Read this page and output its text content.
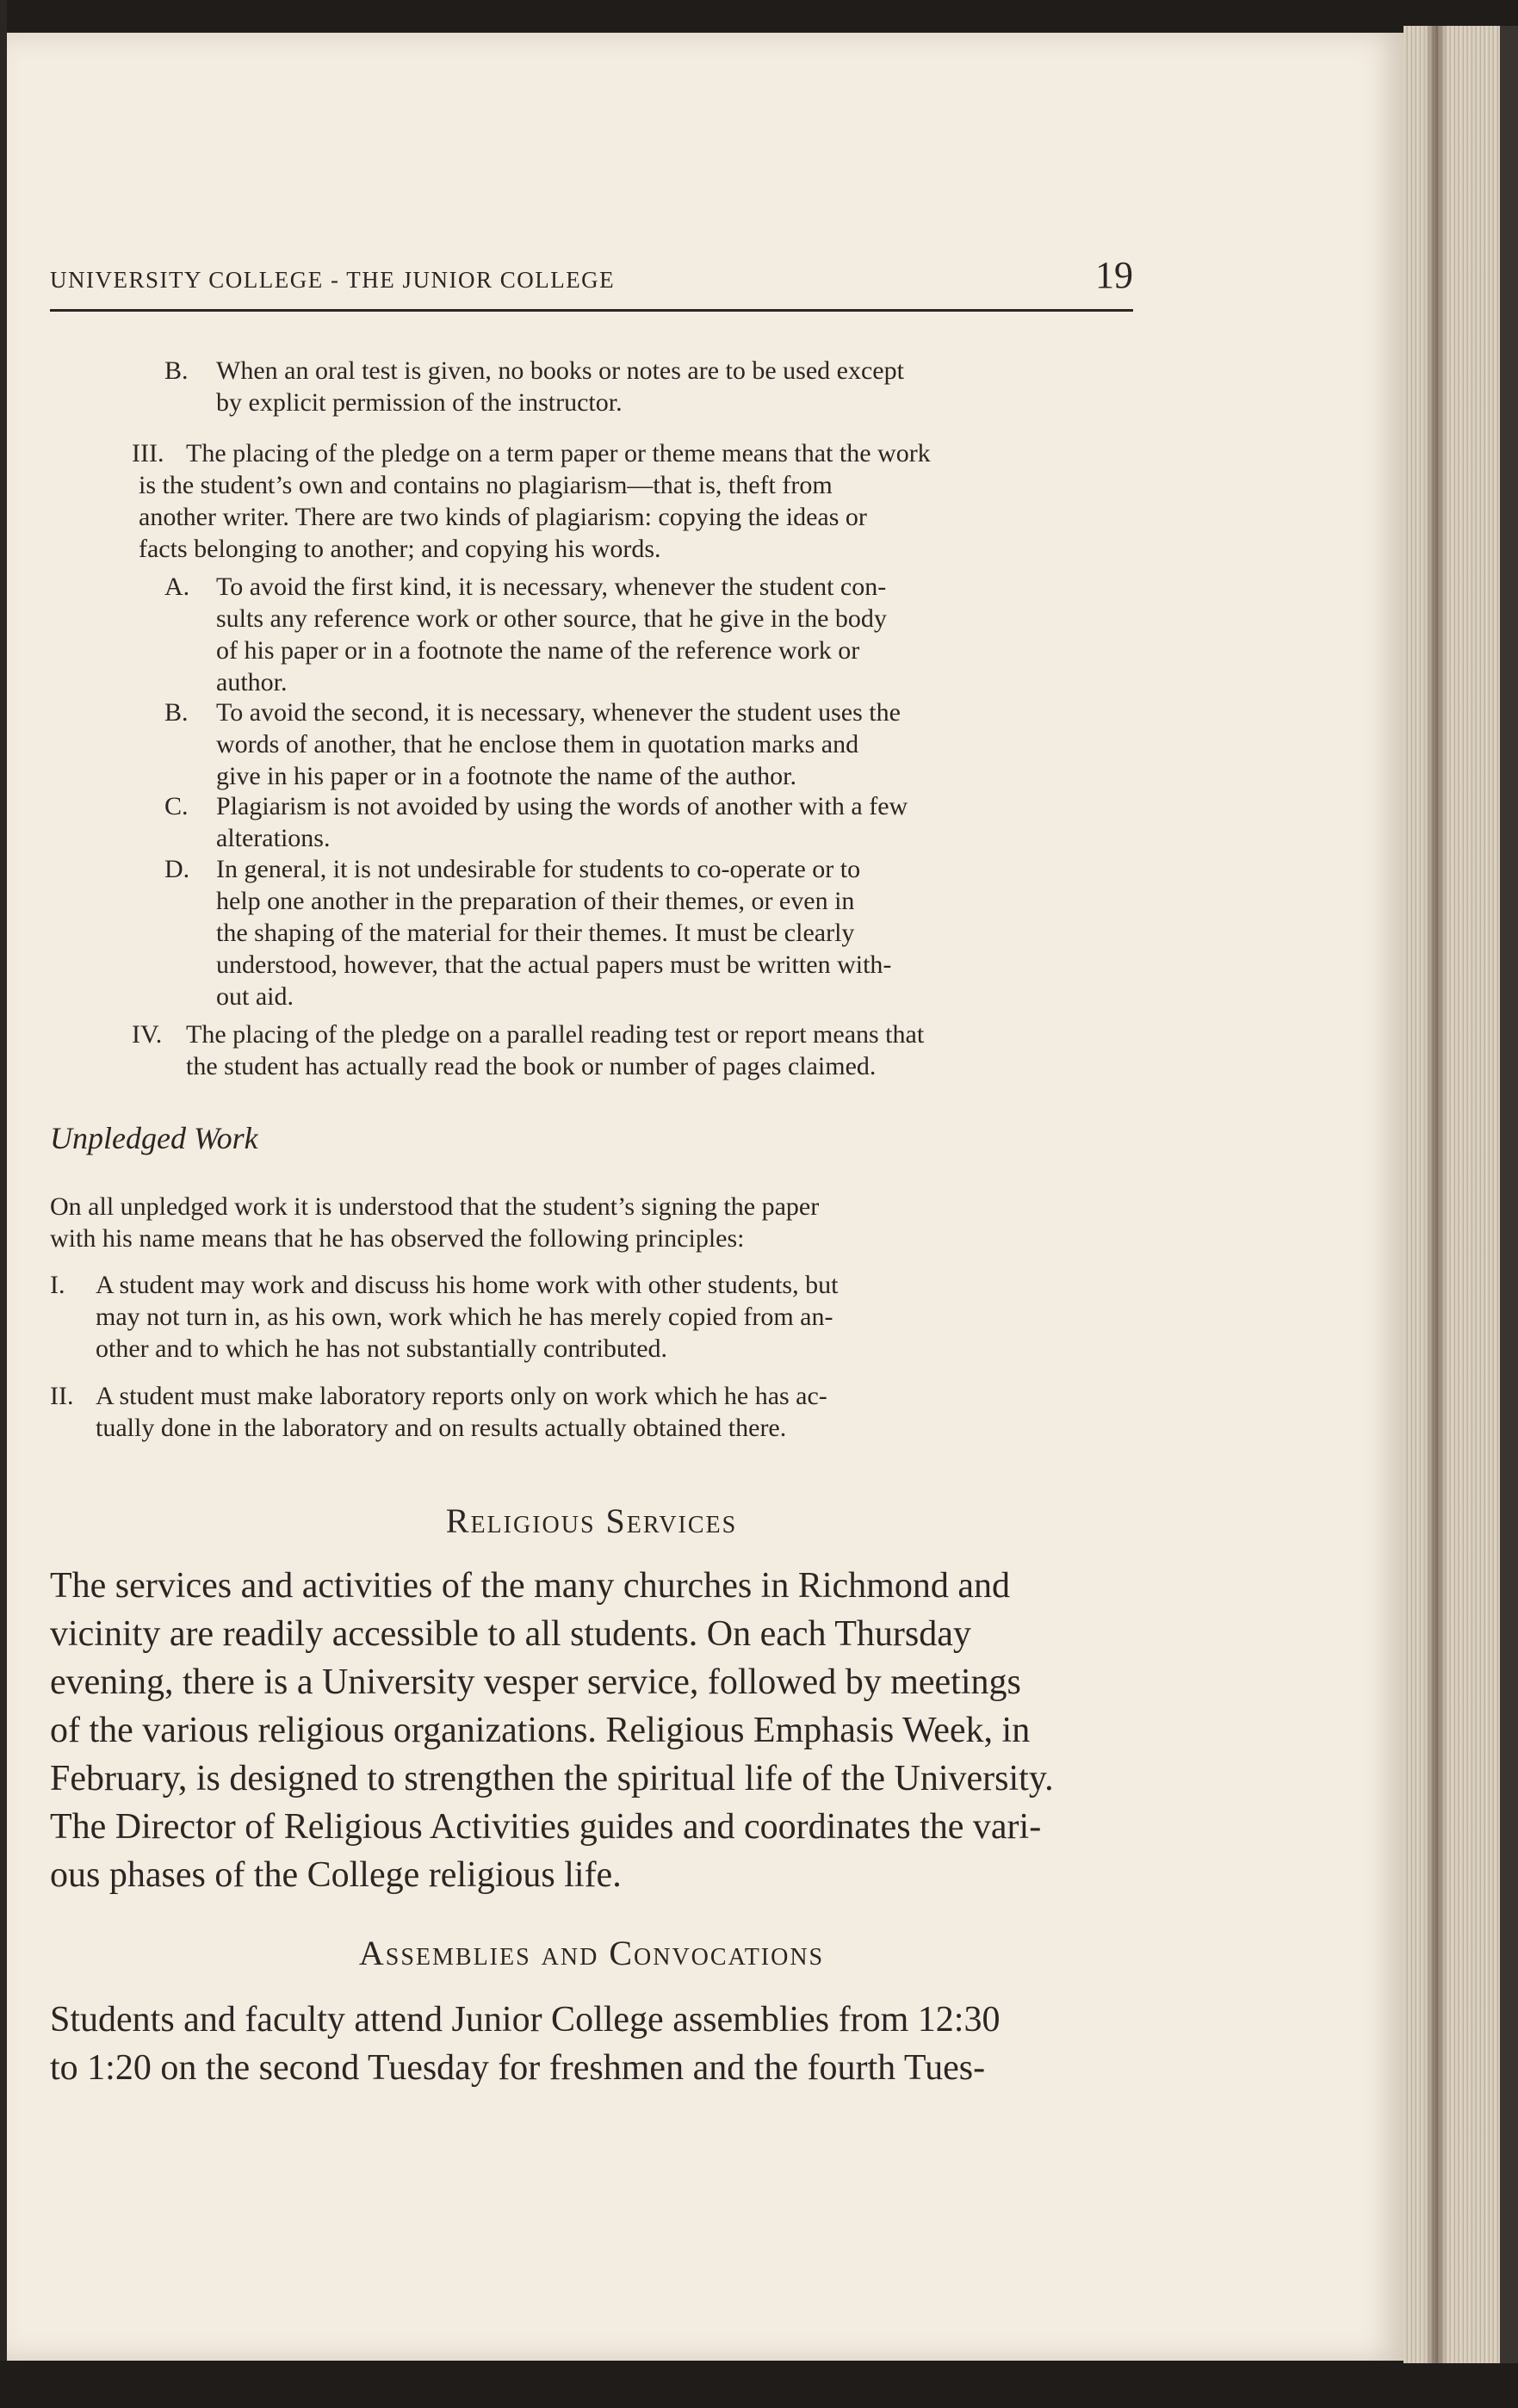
UNIVERSITY COLLEGE - THE JUNIOR COLLEGE	19
B. When an oral test is given, no books or notes are to be used except
by explicit permission of the instructor.
III. The placing of the pledge on a term paper or theme means that the work
is the student’s own and contains no plagiarism—that is, theft from
another writer. There are two kinds of plagiarism: copying the ideas or
facts belonging to another; and copying his words.
A. To avoid the first kind, it is necessary, whenever the student con-
sults any reference work or other source, that he give in the body
of his paper or in a footnote the name of the reference work or
author.
B. To avoid the second, it is necessary, whenever the student uses the
words of another, that he enclose them in quotation marks and
give in his paper or in a footnote the name of the author.
C. Plagiarism is not avoided by using the words of another with a few
alterations.
D. In general, it is not undesirable for students to co-operate or to
help one another in the preparation of their themes, or even in
the shaping of the material for their themes. It must be clearly
understood, however, that the actual papers must be written with-
out aid.
IV. The placing of the pledge on a parallel reading test or report means that
the student has actually read the book or number of pages claimed.
Unpledged Work
On all unpledged work it is understood that the student’s signing the paper
with his name means that he has observed the following principles:
I. A student may work and discuss his home work with other students, but
may not turn in, as his own, work which he has merely copied from an-
other and to which he has not substantially contributed.
II. A student must make laboratory reports only on work which he has ac-
tually done in the laboratory and on results actually obtained there.
Religious Services
The services and activities of the many churches in Richmond and
vicinity are readily accessible to all students. On each Thursday
evening, there is a University vesper service, followed by meetings
of the various religious organizations. Religious Emphasis Week, in
February, is designed to strengthen the spiritual life of the University.
The Director of Religious Activities guides and coordinates the vari-
ous phases of the College religious life.
Assemblies and Convocations
Students and faculty attend Junior College assemblies from 12:30
to 1:20 on the second Tuesday for freshmen and the fourth Tues-
